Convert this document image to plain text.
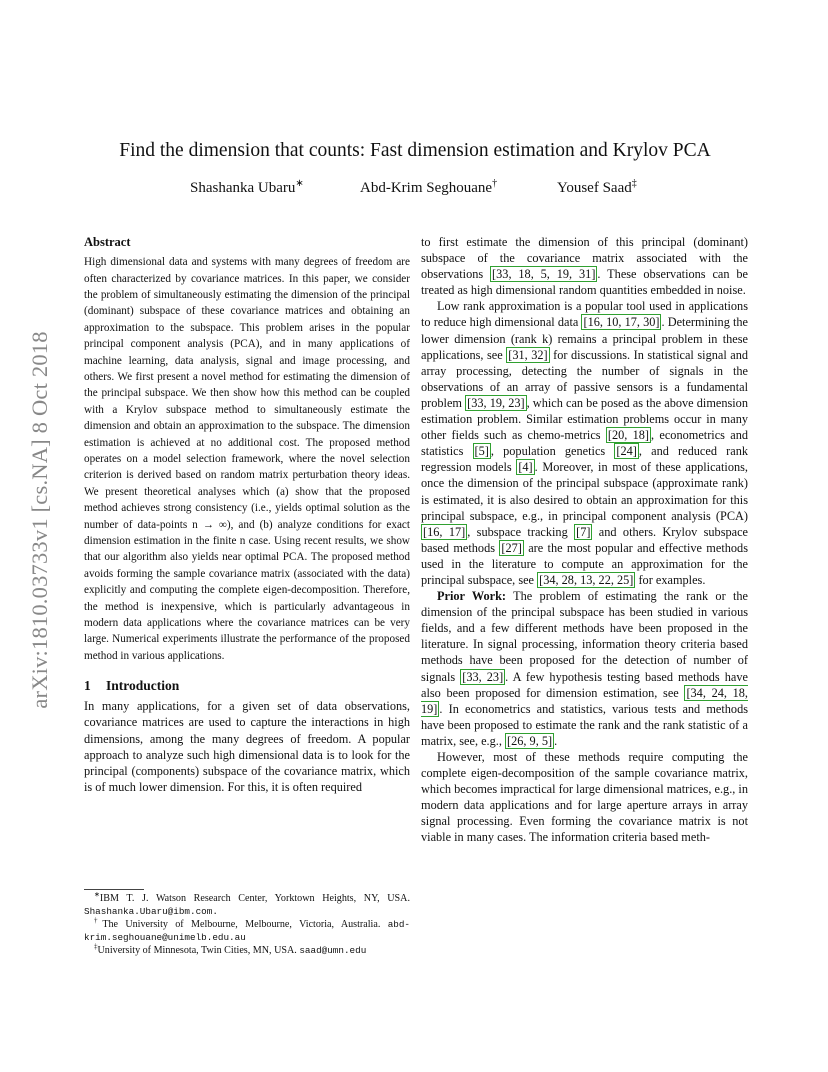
arXiv:1810.03733v1 [cs.NA] 8 Oct 2018
Find the dimension that counts: Fast dimension estimation and Krylov PCA
Shashanka Ubaru∗	Abd-Krim Seghouane†	Yousef Saad‡
Abstract

High dimensional data and systems with many degrees of freedom are often characterized by covariance matrices. In this paper, we consider the problem of simultaneously estimating the dimension of the principal (dominant) subspace of these covariance matrices and obtaining an approximation to the subspace. This problem arises in the popular principal component analysis (PCA), and in many applications of machine learning, data analysis, signal and image processing, and others. We first present a novel method for estimating the dimension of the principal subspace. We then show how this method can be coupled with a Krylov subspace method to simultaneously estimate the dimension and obtain an approximation to the subspace. The dimension estimation is achieved at no additional cost. The proposed method operates on a model selection framework, where the novel selection criterion is derived based on random matrix perturbation theory ideas. We present theoretical analyses which (a) show that the proposed method achieves strong consistency (i.e., yields optimal solution as the number of data-points n → ∞), and (b) analyze conditions for exact dimension estimation in the finite n case. Using recent results, we show that our algorithm also yields near optimal PCA. The proposed method avoids forming the sample covariance matrix (associated with the data) explicitly and computing the complete eigen-decomposition. Therefore, the method is inexpensive, which is particularly advantageous in modern data applications where the covariance matrices can be very large. Numerical experiments illustrate the performance of the proposed method in various applications.

1 Introduction

In many applications, for a given set of data observations, covariance matrices are used to capture the interactions in high dimensions, among the many degrees of freedom. A popular approach to analyze such high dimensional data is to look for the principal (components) subspace of the covariance matrix, which is of much lower dimension. For this, it is often required

to first estimate the dimension of this principal (dominant) subspace of the covariance matrix associated with the observations [33, 18, 5, 19, 31] . These observations can be treated as high dimensional random quantities embedded in noise.

Low rank approximation is a popular tool used in applications to reduce high dimensional data [16, 10, 17, 30] . Determining the lower dimension (rank k) remains a principal problem in these applications, see [31, 32] for discussions. In statistical signal and array processing, detecting the number of signals in the observations of an array of passive sensors is a fundamental problem [33, 19, 23] , which can be posed as the above dimension estimation problem. Similar estimation problems occur in many other fields such as chemo-metrics [20, 18] , econometrics and statistics [5] , population genetics [24] , and reduced rank regression models [4] . Moreover, in most of these applications, once the dimension of the principal subspace (approximate rank) is estimated, it is also desired to obtain an approximation for this principal subspace, e.g., in principal component analysis (PCA) [16, 17] , subspace tracking [7] and others. Krylov subspace based methods [27] are the most popular and effective methods used in the literature to compute an approximation for the principal subspace, see [34, 28, 13, 22, 25] for examples.

Prior Work: The problem of estimating the rank or the dimension of the principal subspace has been studied in various fields, and a few different methods have been proposed in the literature. In signal processing, information theory criteria based methods have been proposed for the detection of number of signals [33, 23] . A few hypothesis testing based methods have also been proposed for dimension estimation, see [34, 24, 18, 19] . In econometrics and statistics, various tests and methods have been proposed to estimate the rank and the rank statistic of a matrix, see, e.g., [26, 9, 5] .

However, most of these methods require computing the complete eigen-decomposition of the sample covariance matrix, which becomes impractical for large dimensional matrices, e.g., in modern data applications and for large aperture arrays in array signal processing. Even forming the covariance matrix is not viable in many cases. The information criteria based meth-

∗IBM T. J. Watson Research Center, Yorktown Heights, NY, USA. Shashanka.Ubaru@ibm.com.

†The University of Melbourne, Melbourne, Victoria, Australia. abd-krim.seghouane@unimelb.edu.au

‡University of Minnesota, Twin Cities, MN, USA. saad@umn.edu
